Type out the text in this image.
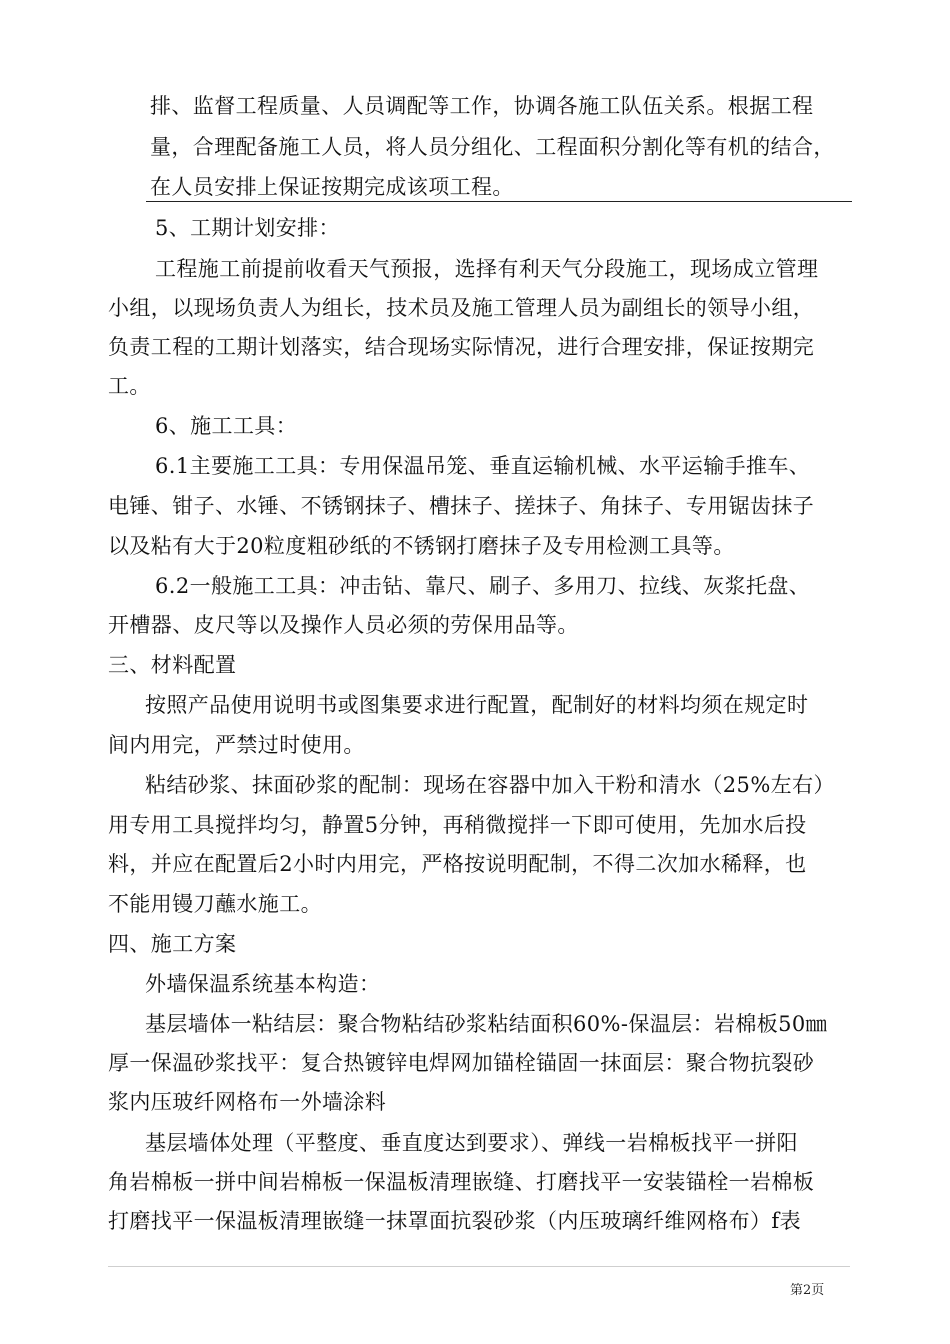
排、监督工程质量、人员调配等工作，协调各施工队伍关系。根据工程
量，合理配备施工人员，将人员分组化、工程面积分割化等有机的结合，
在人员安排上保证按期完成该项工程。
5、工期计划安排：
工程施工前提前收看天气预报，选择有利天气分段施工，现场成立管理
小组，以现场负责人为组长，技术员及施工管理人员为副组长的领导小组，
负责工程的工期计划落实，结合现场实际情况，进行合理安排，保证按期完
工。
6、施工工具：
6.1主要施工工具：专用保温吊笼、垂直运输机械、水平运输手推车、
电锤、钳子、水锤、不锈钢抹子、槽抹子、搓抹子、角抹子、专用锯齿抹子
以及粘有大于20粒度粗砂纸的不锈钢打磨抹子及专用检测工具等。
6.2一般施工工具：冲击钻、靠尺、刷子、多用刀、拉线、灰浆托盘、
开槽器、皮尺等以及操作人员必须的劳保用品等。
三、材料配置
按照产品使用说明书或图集要求进行配置，配制好的材料均须在规定时
间内用完，严禁过时使用。
粘结砂浆、抹面砂浆的配制：现场在容器中加入干粉和清水（25%左右）
用专用工具搅拌均匀，静置5分钟，再稍微搅拌一下即可使用，先加水后投
料，并应在配置后2小时内用完，严格按说明配制，不得二次加水稀释，也
不能用镘刀蘸水施工。
四、施工方案
外墙保温系统基本构造：
基层墙体一粘结层：聚合物粘结砂浆粘结面积60%-保温层：岩棉板50㎜
厚一保温砂浆找平：复合热镀锌电焊网加锚栓锚固一抹面层：聚合物抗裂砂
浆内压玻纤网格布一外墙涂料
基层墙体处理（平整度、垂直度达到要求）、弹线一岩棉板找平一拼阳
角岩棉板一拼中间岩棉板一保温板清理嵌缝、打磨找平一安装锚栓一岩棉板
打磨找平一保温板清理嵌缝一抹罩面抗裂砂浆（内压玻璃纤维网格布）f表
第2页
